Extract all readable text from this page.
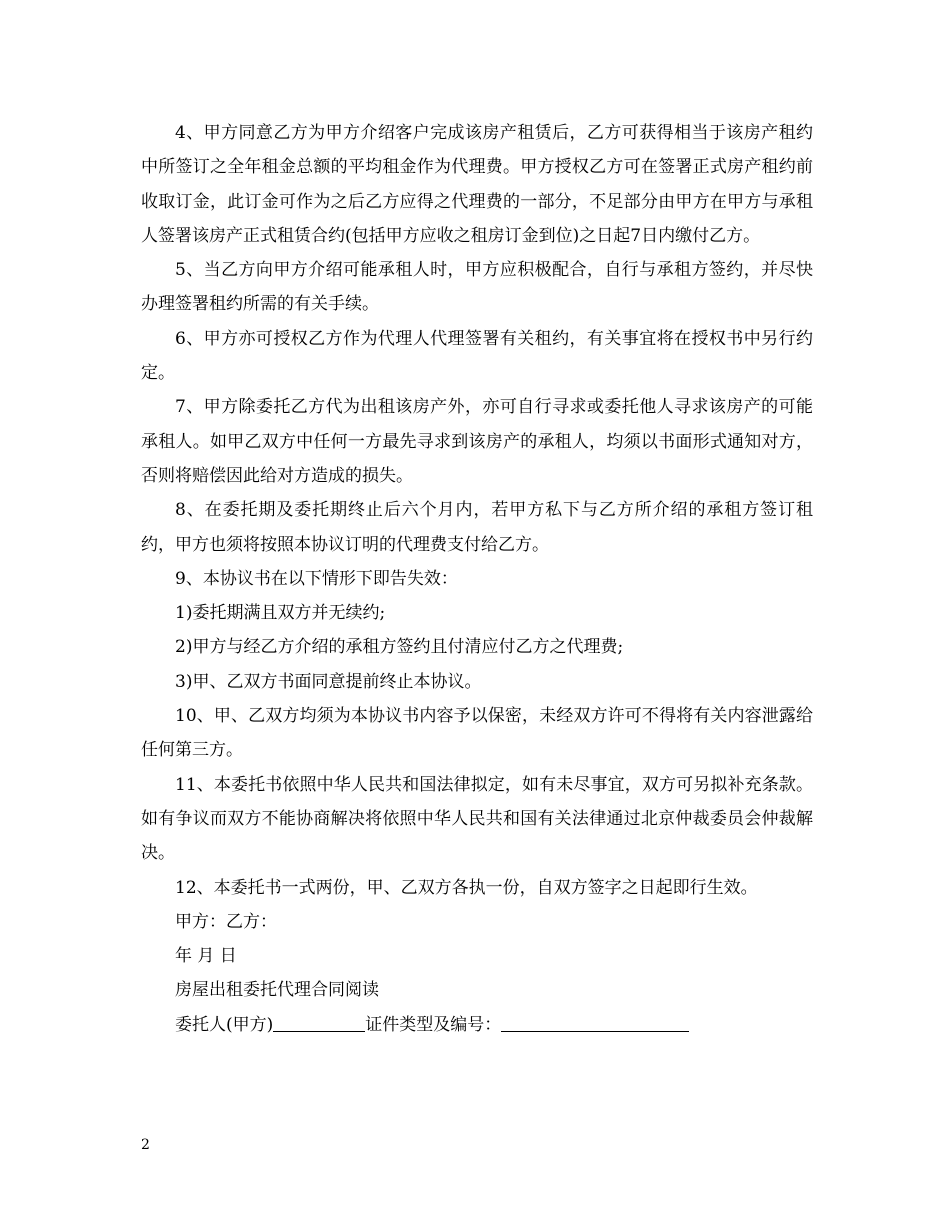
4、甲方同意乙方为甲方介绍客户完成该房产租赁后，乙方可获得相当于该房产租约中所签订之全年租金总额的平均租金作为代理费。甲方授权乙方可在签署正式房产租约前收取订金，此订金可作为之后乙方应得之代理费的一部分，不足部分由甲方在甲方与承租人签署该房产正式租赁合约(包括甲方应收之租房订金到位)之日起7日内缴付乙方。

5、当乙方向甲方介绍可能承租人时，甲方应积极配合，自行与承租方签约，并尽快办理签署租约所需的有关手续。

6、甲方亦可授权乙方作为代理人代理签署有关租约，有关事宜将在授权书中另行约定。

7、甲方除委托乙方代为出租该房产外，亦可自行寻求或委托他人寻求该房产的可能承租人。如甲乙双方中任何一方最先寻求到该房产的承租人，均须以书面形式通知对方，否则将赔偿因此给对方造成的损失。

8、在委托期及委托期终止后六个月内，若甲方私下与乙方所介绍的承租方签订租约，甲方也须将按照本协议订明的代理费支付给乙方。

9、本协议书在以下情形下即告失效：

1)委托期满且双方并无续约;

2)甲方与经乙方介绍的承租方签约且付清应付乙方之代理费;

3)甲、乙双方书面同意提前终止本协议。

10、甲、乙双方均须为本协议书内容予以保密，未经双方许可不得将有关内容泄露给任何第三方。

11、本委托书依照中华人民共和国法律拟定，如有未尽事宜，双方可另拟补充条款。如有争议而双方不能协商解决将依照中华人民共和国有关法律通过北京仲裁委员会仲裁解决。

12、本委托书一式两份，甲、乙双方各执一份，自双方签字之日起即行生效。

甲方：乙方：

年 月 日

房屋出租委托代理合同阅读

委托人(甲方)	证件类型及编号：

2
